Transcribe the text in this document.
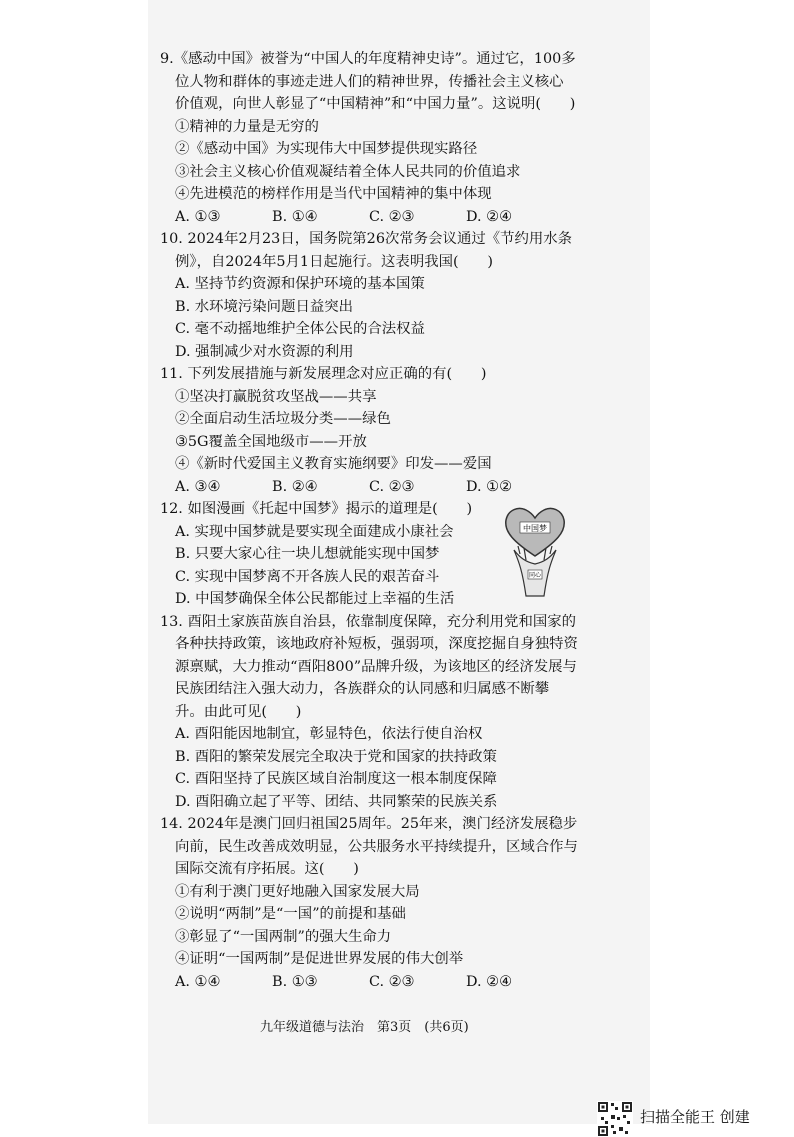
9.《感动中国》被誉为“中国人的年度精神史诗”。通过它，100多
位人物和群体的事迹走进人们的精神世界，传播社会主义核心
价值观，向世人彰显了“中国精神”和“中国力量”。这说明(　　)
①精神的力量是无穷的
②《感动中国》为实现伟大中国梦提供现实路径
③社会主义核心价值观凝结着全体人民共同的价值追求
④先进模范的榜样作用是当代中国精神的集中体现
A. ①③	B. ①④	C. ②③	D. ②④
10. 2024年2月23日，国务院第26次常务会议通过《节约用水条
例》，自2024年5月1日起施行。这表明我国(　　)
A. 坚持节约资源和保护环境的基本国策
B. 水环境污染问题日益突出
C. 毫不动摇地维护全体公民的合法权益
D. 强制减少对水资源的利用
11. 下列发展措施与新发展理念对应正确的有(　　)
①坚决打赢脱贫攻坚战——共享
②全面启动生活垃圾分类——绿色
③5G覆盖全国地级市——开放
④《新时代爱国主义教育实施纲要》印发——爱国
A. ③④	B. ②④	C. ②③	D. ①②
12. 如图漫画《托起中国梦》揭示的道理是(　　)
A. 实现中国梦就是要实现全面建成小康社会
B. 只要大家心往一块儿想就能实现中国梦
C. 实现中国梦离不开各族人民的艰苦奋斗
D. 中国梦确保全体公民都能过上幸福的生活
13. 酉阳土家族苗族自治县，依靠制度保障，充分利用党和国家的
各种扶持政策，该地政府补短板，强弱项，深度挖掘自身独特资
源禀赋，大力推动“酉阳800”品牌升级，为该地区的经济发展与
民族团结注入强大动力，各族群众的认同感和归属感不断攀
升。由此可见(　　)
A. 酉阳能因地制宜，彰显特色，依法行使自治权
B. 酉阳的繁荣发展完全取决于党和国家的扶持政策
C. 酉阳坚持了民族区域自治制度这一根本制度保障
D. 酉阳确立起了平等、团结、共同繁荣的民族关系
14. 2024年是澳门回归祖国25周年。25年来，澳门经济发展稳步
向前，民生改善成效明显，公共服务水平持续提升，区域合作与
国际交流有序拓展。这(　　)
①有利于澳门更好地融入国家发展大局
②说明“两制”是“一国”的前提和基础
③彰显了“一国两制”的强大生命力
④证明“一国两制”是促进世界发展的伟大创举
A. ①④	B. ①③	C. ②③	D. ②④
中国梦
同心
九年级道德与法治　第3页　(共6页)
扫描全能王 创建
